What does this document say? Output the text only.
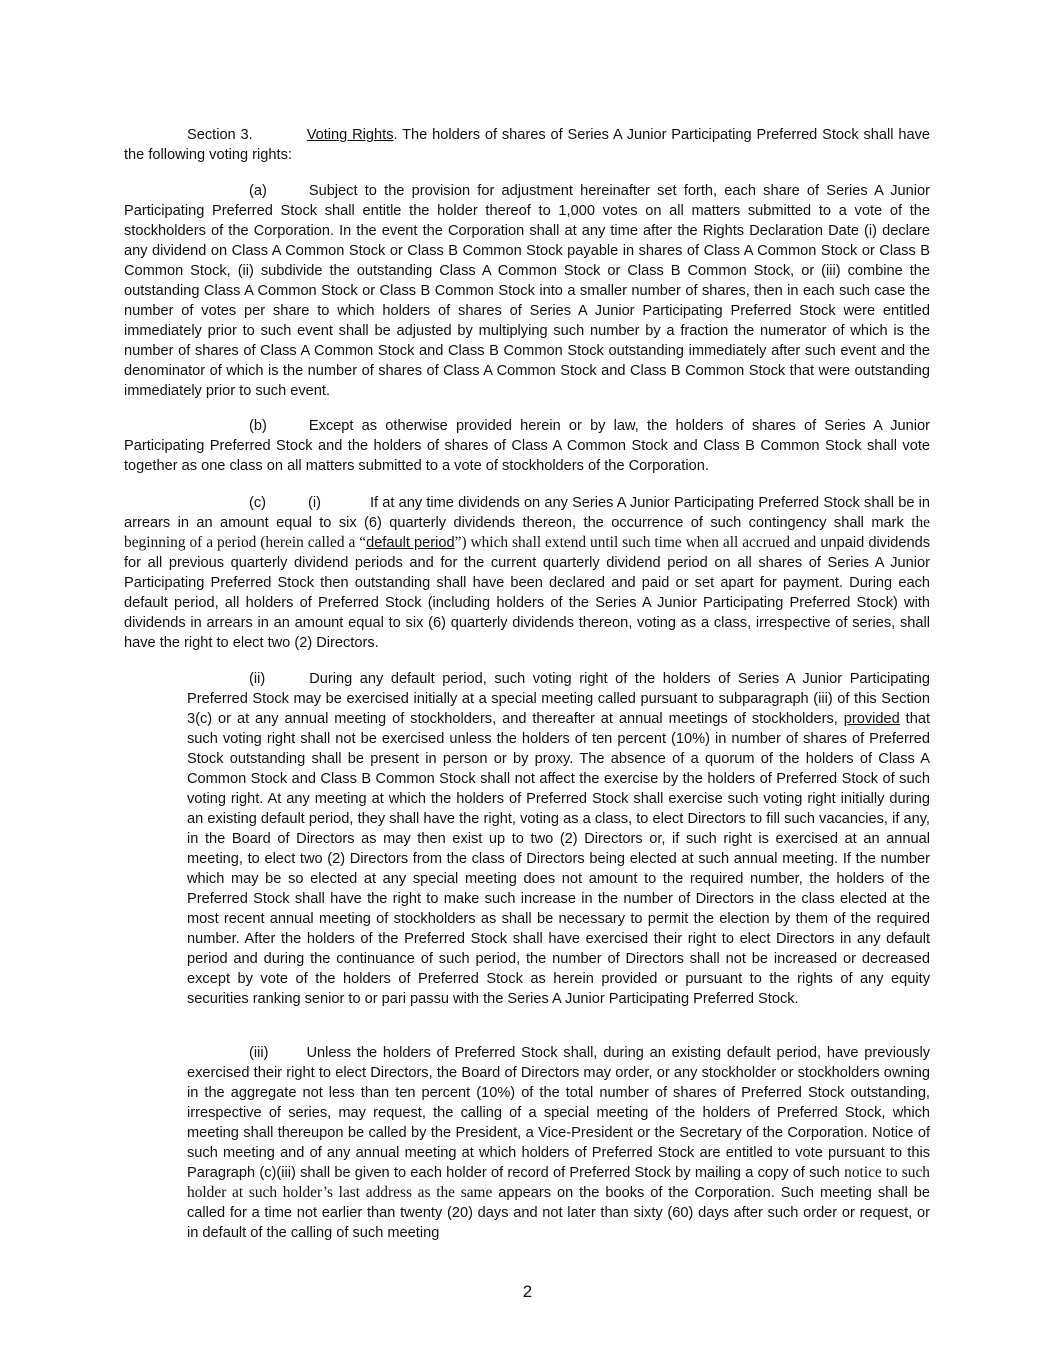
Section 3.	Voting Rights. The holders of shares of Series A Junior Participating Preferred Stock shall have the following voting rights:

(a)	Subject to the provision for adjustment hereinafter set forth, each share of Series A Junior Participating Preferred Stock shall entitle the holder thereof to 1,000 votes on all matters submitted to a vote of the stockholders of the Corporation. In the event the Corporation shall at any time after the Rights Declaration Date (i) declare any dividend on Class A Common Stock or Class B Common Stock payable in shares of Class A Common Stock or Class B Common Stock, (ii) subdivide the outstanding Class A Common Stock or Class B Common Stock, or (iii) combine the outstanding Class A Common Stock or Class B Common Stock into a smaller number of shares, then in each such case the number of votes per share to which holders of shares of Series A Junior Participating Preferred Stock were entitled immediately prior to such event shall be adjusted by multiplying such number by a fraction the numerator of which is the number of shares of Class A Common Stock and Class B Common Stock outstanding immediately after such event and the denominator of which is the number of shares of Class A Common Stock and Class B Common Stock that were outstanding immediately prior to such event.

(b)	Except as otherwise provided herein or by law, the holders of shares of Series A Junior Participating Preferred Stock and the holders of shares of Class A Common Stock and Class B Common Stock shall vote together as one class on all matters submitted to a vote of stockholders of the Corporation.

(c)	(i)	If at any time dividends on any Series A Junior Participating Preferred Stock shall be in arrears in an amount equal to six (6) quarterly dividends thereon, the occurrence of such contingency shall mark the beginning of a period (herein called a “default period”) which shall extend until such time when all accrued and unpaid dividends for all previous quarterly dividend periods and for the current quarterly dividend period on all shares of Series A Junior Participating Preferred Stock then outstanding shall have been declared and paid or set apart for payment. During each default period, all holders of Preferred Stock (including holders of the Series A Junior Participating Preferred Stock) with dividends in arrears in an amount equal to six (6) quarterly dividends thereon, voting as a class, irrespective of series, shall have the right to elect two (2) Directors.

(ii)	During any default period, such voting right of the holders of Series A Junior Participating Preferred Stock may be exercised initially at a special meeting called pursuant to subparagraph (iii) of this Section 3(c) or at any annual meeting of stockholders, and thereafter at annual meetings of stockholders, provided that such voting right shall not be exercised unless the holders of ten percent (10%) in number of shares of Preferred Stock outstanding shall be present in person or by proxy. The absence of a quorum of the holders of Class A Common Stock and Class B Common Stock shall not affect the exercise by the holders of Preferred Stock of such voting right. At any meeting at which the holders of Preferred Stock shall exercise such voting right initially during an existing default period, they shall have the right, voting as a class, to elect Directors to fill such vacancies, if any, in the Board of Directors as may then exist up to two (2) Directors or, if such right is exercised at an annual meeting, to elect two (2) Directors from the class of Directors being elected at such annual meeting. If the number which may be so elected at any special meeting does not amount to the required number, the holders of the Preferred Stock shall have the right to make such increase in the number of Directors in the class elected at the most recent annual meeting of stockholders as shall be necessary to permit the election by them of the required number. After the holders of the Preferred Stock shall have exercised their right to elect Directors in any default period and during the continuance of such period, the number of Directors shall not be increased or decreased except by vote of the holders of Preferred Stock as herein provided or pursuant to the rights of any equity securities ranking senior to or pari passu with the Series A Junior Participating Preferred Stock.

(iii)	Unless the holders of Preferred Stock shall, during an existing default period, have previously exercised their right to elect Directors, the Board of Directors may order, or any stockholder or stockholders owning in the aggregate not less than ten percent (10%) of the total number of shares of Preferred Stock outstanding, irrespective of series, may request, the calling of a special meeting of the holders of Preferred Stock, which meeting shall thereupon be called by the President, a Vice-President or the Secretary of the Corporation. Notice of such meeting and of any annual meeting at which holders of Preferred Stock are entitled to vote pursuant to this Paragraph (c)(iii) shall be given to each holder of record of Preferred Stock by mailing a copy of such notice to such holder at such holder’s last address as the same appears on the books of the Corporation. Such meeting shall be called for a time not earlier than twenty (20) days and not later than sixty (60) days after such order or request, or in default of the calling of such meeting

2
